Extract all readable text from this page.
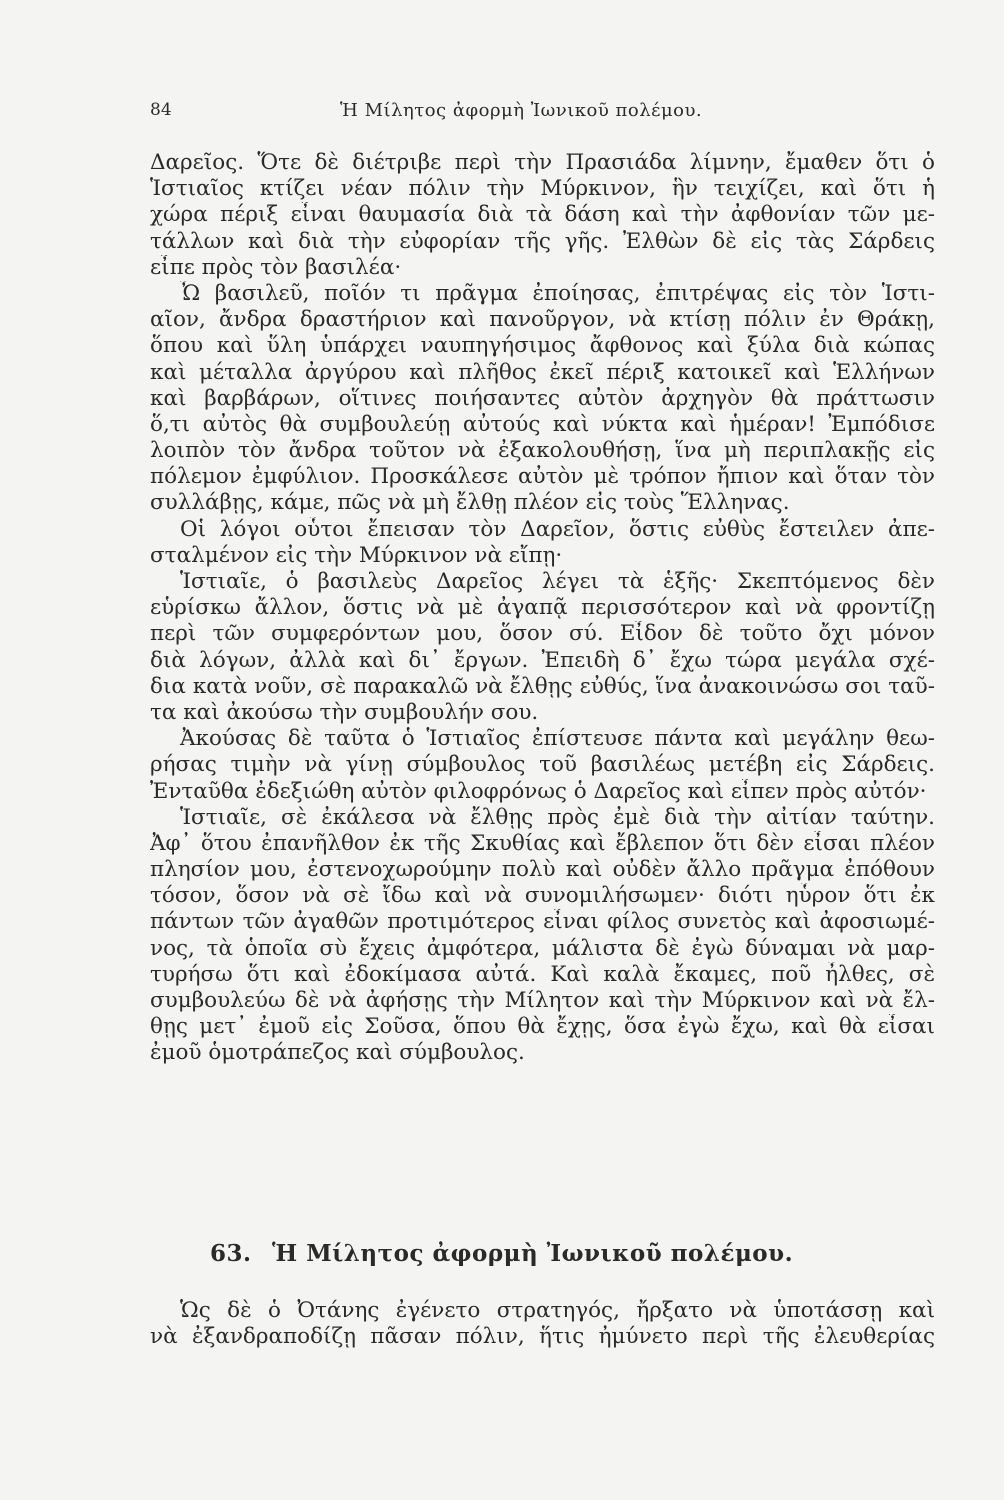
84	Ἡ Μίλητος ἀφορμὴ Ἰωνικοῦ πολέμου.
Δαρεῖος. Ὅτε δὲ διέτριβε περὶ τὴν Πρασιάδα λίμνην, ἔμαθεν ὅτι ὁ
Ἱστιαῖος κτίζει νέαν πόλιν τὴν Μύρκινον, ἣν τειχίζει, καὶ ὅτι ἡ
χώρα πέριξ εἶναι θαυμασία διὰ τὰ δάση καὶ τὴν ἀφθονίαν τῶν με-
τάλλων καὶ διὰ τὴν εὐφορίαν τῆς γῆς. Ἐλθὼν δὲ εἰς τὰς Σάρδεις
εἶπε πρὸς τὸν βασιλέα·
Ὦ βασιλεῦ, ποῖόν τι πρᾶγμα ἐποίησας, ἐπιτρέψας εἰς τὸν Ἱστι-
αῖον, ἄνδρα δραστήριον καὶ πανοῦργον, νὰ κτίσῃ πόλιν ἐν Θράκῃ,
ὅπου καὶ ὕλη ὑπάρχει ναυπηγήσιμος ἄφθονος καὶ ξύλα διὰ κώπας
καὶ μέταλλα ἀργύρου καὶ πλῆθος ἐκεῖ πέριξ κατοικεῖ καὶ Ἑλλήνων
καὶ βαρβάρων, οἵτινες ποιήσαντες αὐτὸν ἀρχηγὸν θὰ πράττωσιν
ὅ,τι αὐτὸς θὰ συμβουλεύῃ αὐτούς καὶ νύκτα καὶ ἡμέραν! Ἐμπόδισε
λοιπὸν τὸν ἄνδρα τοῦτον νὰ ἐξακολουθήσῃ, ἵνα μὴ περιπλακῇς εἰς
πόλεμον ἐμφύλιον. Προσκάλεσε αὐτὸν μὲ τρόπον ἤπιον καὶ ὅταν τὸν
συλλάβῃς, κάμε, πῶς νὰ μὴ ἔλθῃ πλέον εἰς τοὺς Ἕλληνας.
Οἱ λόγοι οὗτοι ἔπεισαν τὸν Δαρεῖον, ὅστις εὐθὺς ἔστειλεν ἀπε-
σταλμένον εἰς τὴν Μύρκινον νὰ εἴπῃ·
Ἱστιαῖε, ὁ βασιλεὺς Δαρεῖος λέγει τὰ ἑξῆς· Σκεπτόμενος δὲν
εὑρίσκω ἄλλον, ὅστις νὰ μὲ ἀγαπᾷ περισσότερον καὶ νὰ φροντίζῃ
περὶ τῶν συμφερόντων μου, ὅσον σύ. Εἶδον δὲ τοῦτο ὄχι μόνον
διὰ λόγων, ἀλλὰ καὶ δι᾽ ἔργων. Ἐπειδὴ δ᾽ ἔχω τώρα μεγάλα σχέ-
δια κατὰ νοῦν, σὲ παρακαλῶ νὰ ἔλθῃς εὐθύς, ἵνα ἀνακοινώσω σοι ταῦ-
τα καὶ ἀκούσω τὴν συμβουλήν σου.
Ἀκούσας δὲ ταῦτα ὁ Ἱστιαῖος ἐπίστευσε πάντα καὶ μεγάλην θεω-
ρήσας τιμὴν νὰ γίνῃ σύμβουλος τοῦ βασιλέως μετέβη εἰς Σάρδεις.
Ἐνταῦθα ἐδεξιώθη αὐτὸν φιλοφρόνως ὁ Δαρεῖος καὶ εἶπεν πρὸς αὐτόν·
Ἱστιαῖε, σὲ ἐκάλεσα νὰ ἔλθῃς πρὸς ἐμὲ διὰ τὴν αἰτίαν ταύτην.
Ἀφ᾽ ὅτου ἐπανῆλθον ἐκ τῆς Σκυθίας καὶ ἔβλεπον ὅτι δὲν εἶσαι πλέον
πλησίον μου, ἐστενοχωρούμην πολὺ καὶ οὐδὲν ἄλλο πρᾶγμα ἐπόθουν
τόσον, ὅσον νὰ σὲ ἴδω καὶ νὰ συνομιλήσωμεν· διότι ηὗρον ὅτι ἐκ
πάντων τῶν ἀγαθῶν προτιμότερος εἶναι φίλος συνετὸς καὶ ἀφοσιωμέ-
νος, τὰ ὁποῖα σὺ ἔχεις ἀμφότερα, μάλιστα δὲ ἐγὼ δύναμαι νὰ μαρ-
τυρήσω ὅτι καὶ ἐδοκίμασα αὐτά. Καὶ καλὰ ἔκαμες, ποῦ ἦλθες, σὲ
συμβουλεύω δὲ νὰ ἀφήσῃς τὴν Μίλητον καὶ τὴν Μύρκινον καὶ νὰ ἔλ-
θῃς μετ᾽ ἐμοῦ εἰς Σοῦσα, ὅπου θὰ ἔχῃς, ὅσα ἐγὼ ἔχω, καὶ θὰ εἶσαι
ἐμοῦ ὁμοτράπεζος καὶ σύμβουλος.
63. Ἡ Μίλητος ἀφορμὴ Ἰωνικοῦ πολέμου.
Ὡς δὲ ὁ Ὀτάνης ἐγένετο στρατηγός, ἤρξατο νὰ ὑποτάσσῃ καὶ
νὰ ἐξανδραποδίζῃ πᾶσαν πόλιν, ἥτις ἠμύνετο περὶ τῆς ἐλευθερίας
